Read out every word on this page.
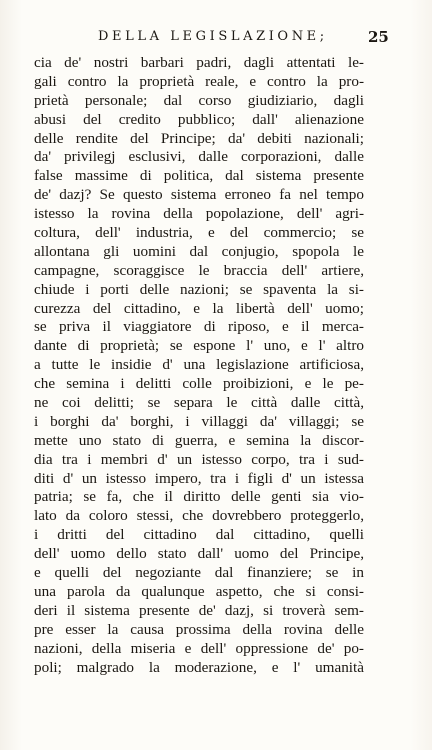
DELLA LEGISLAZIONE;	25
cia de' nostri barbari padri, dagli attentati le-
gali contro la proprietà reale, e contro la pro-
prietà personale; dal corso giudiziario, dagli
abusi del credito pubblico; dall' alienazione
delle rendite del Principe; da' debiti nazionali;
da' privilegj esclusivi, dalle corporazioni, dalle
false massime di politica, dal sistema presente
de' dazj? Se questo sistema erroneo fa nel tempo
istesso la rovina della popolazione, dell' agri-
coltura, dell' industria, e del commercio; se
allontana gli uomini dal conjugio, spopola le
campagne, scoraggisce le braccia dell' artiere,
chiude i porti delle nazioni; se spaventa la si-
curezza del cittadino, e la libertà dell' uomo;
se priva il viaggiatore di riposo, e il merca-
dante di proprietà; se espone l' uno, e l' altro
a tutte le insidie d' una legislazione artificiosa,
che semina i delitti colle proibizioni, e le pe-
ne coi delitti; se separa le città dalle città,
i borghi da' borghi, i villaggi da' villaggi; se
mette uno stato di guerra, e semina la discor-
dia tra i membri d' un istesso corpo, tra i sud-
diti d' un istesso impero, tra i figli d' un istessa
patria; se fa, che il diritto delle genti sia vio-
lato da coloro stessi, che dovrebbero proteggerlo,
i dritti del cittadino dal cittadino, quelli
dell' uomo dello stato dall' uomo del Principe,
e quelli del negoziante dal finanziere; se in
una parola da qualunque aspetto, che si consi-
deri il sistema presente de' dazj, si troverà sem-
pre esser la causa prossima della rovina delle
nazioni, della miseria e dell' oppressione de' po-
poli; malgrado la moderazione, e l' umanità
